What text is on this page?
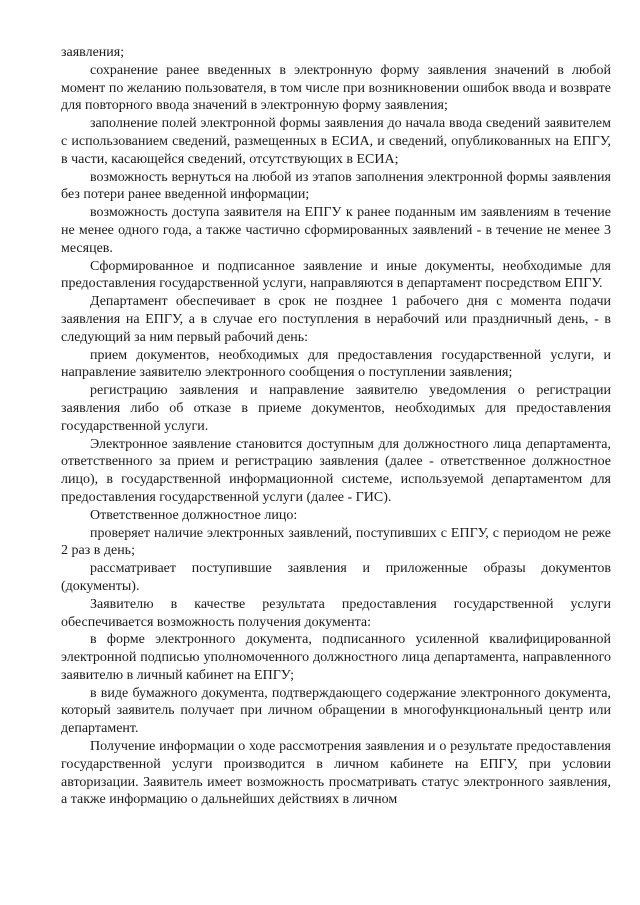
заявления;

сохранение ранее введенных в электронную форму заявления значений в любой момент по желанию пользователя, в том числе при возникновении ошибок ввода и возврате для повторного ввода значений в электронную форму заявления;

заполнение полей электронной формы заявления до начала ввода сведений заявителем с использованием сведений, размещенных в ЕСИА, и сведений, опубликованных на ЕПГУ, в части, касающейся сведений, отсутствующих в ЕСИА;

возможность вернуться на любой из этапов заполнения электронной формы заявления без потери ранее введенной информации;

возможность доступа заявителя на ЕПГУ к ранее поданным им заявлениям в течение не менее одного года, а также частично сформированных заявлений - в течение не менее 3 месяцев.

Сформированное и подписанное заявление и иные документы, необходимые для предоставления государственной услуги, направляются в департамент посредством ЕПГУ.

Департамент обеспечивает в срок не позднее 1 рабочего дня с момента подачи заявления на ЕПГУ, а в случае его поступления в нерабочий или праздничный день, - в следующий за ним первый рабочий день:

прием документов, необходимых для предоставления государственной услуги, и направление заявителю электронного сообщения о поступлении заявления;

регистрацию заявления и направление заявителю уведомления о регистрации заявления либо об отказе в приеме документов, необходимых для предоставления государственной услуги.

Электронное заявление становится доступным для должностного лица департамента, ответственного за прием и регистрацию заявления (далее - ответственное должностное лицо), в государственной информационной системе, используемой департаментом для предоставления государственной услуги (далее - ГИС).

Ответственное должностное лицо:

проверяет наличие электронных заявлений, поступивших с ЕПГУ, с периодом не реже 2 раз в день;

рассматривает поступившие заявления и приложенные образы документов (документы).

Заявителю в качестве результата предоставления государственной услуги обеспечивается возможность получения документа:

в форме электронного документа, подписанного усиленной квалифицированной электронной подписью уполномоченного должностного лица департамента, направленного заявителю в личный кабинет на ЕПГУ;

в виде бумажного документа, подтверждающего содержание электронного документа, который заявитель получает при личном обращении в многофункциональный центр или департамент.

Получение информации о ходе рассмотрения заявления и о результате предоставления государственной услуги производится в личном кабинете на ЕПГУ, при условии авторизации. Заявитель имеет возможность просматривать статус электронного заявления, а также информацию о дальнейших действиях в личном
